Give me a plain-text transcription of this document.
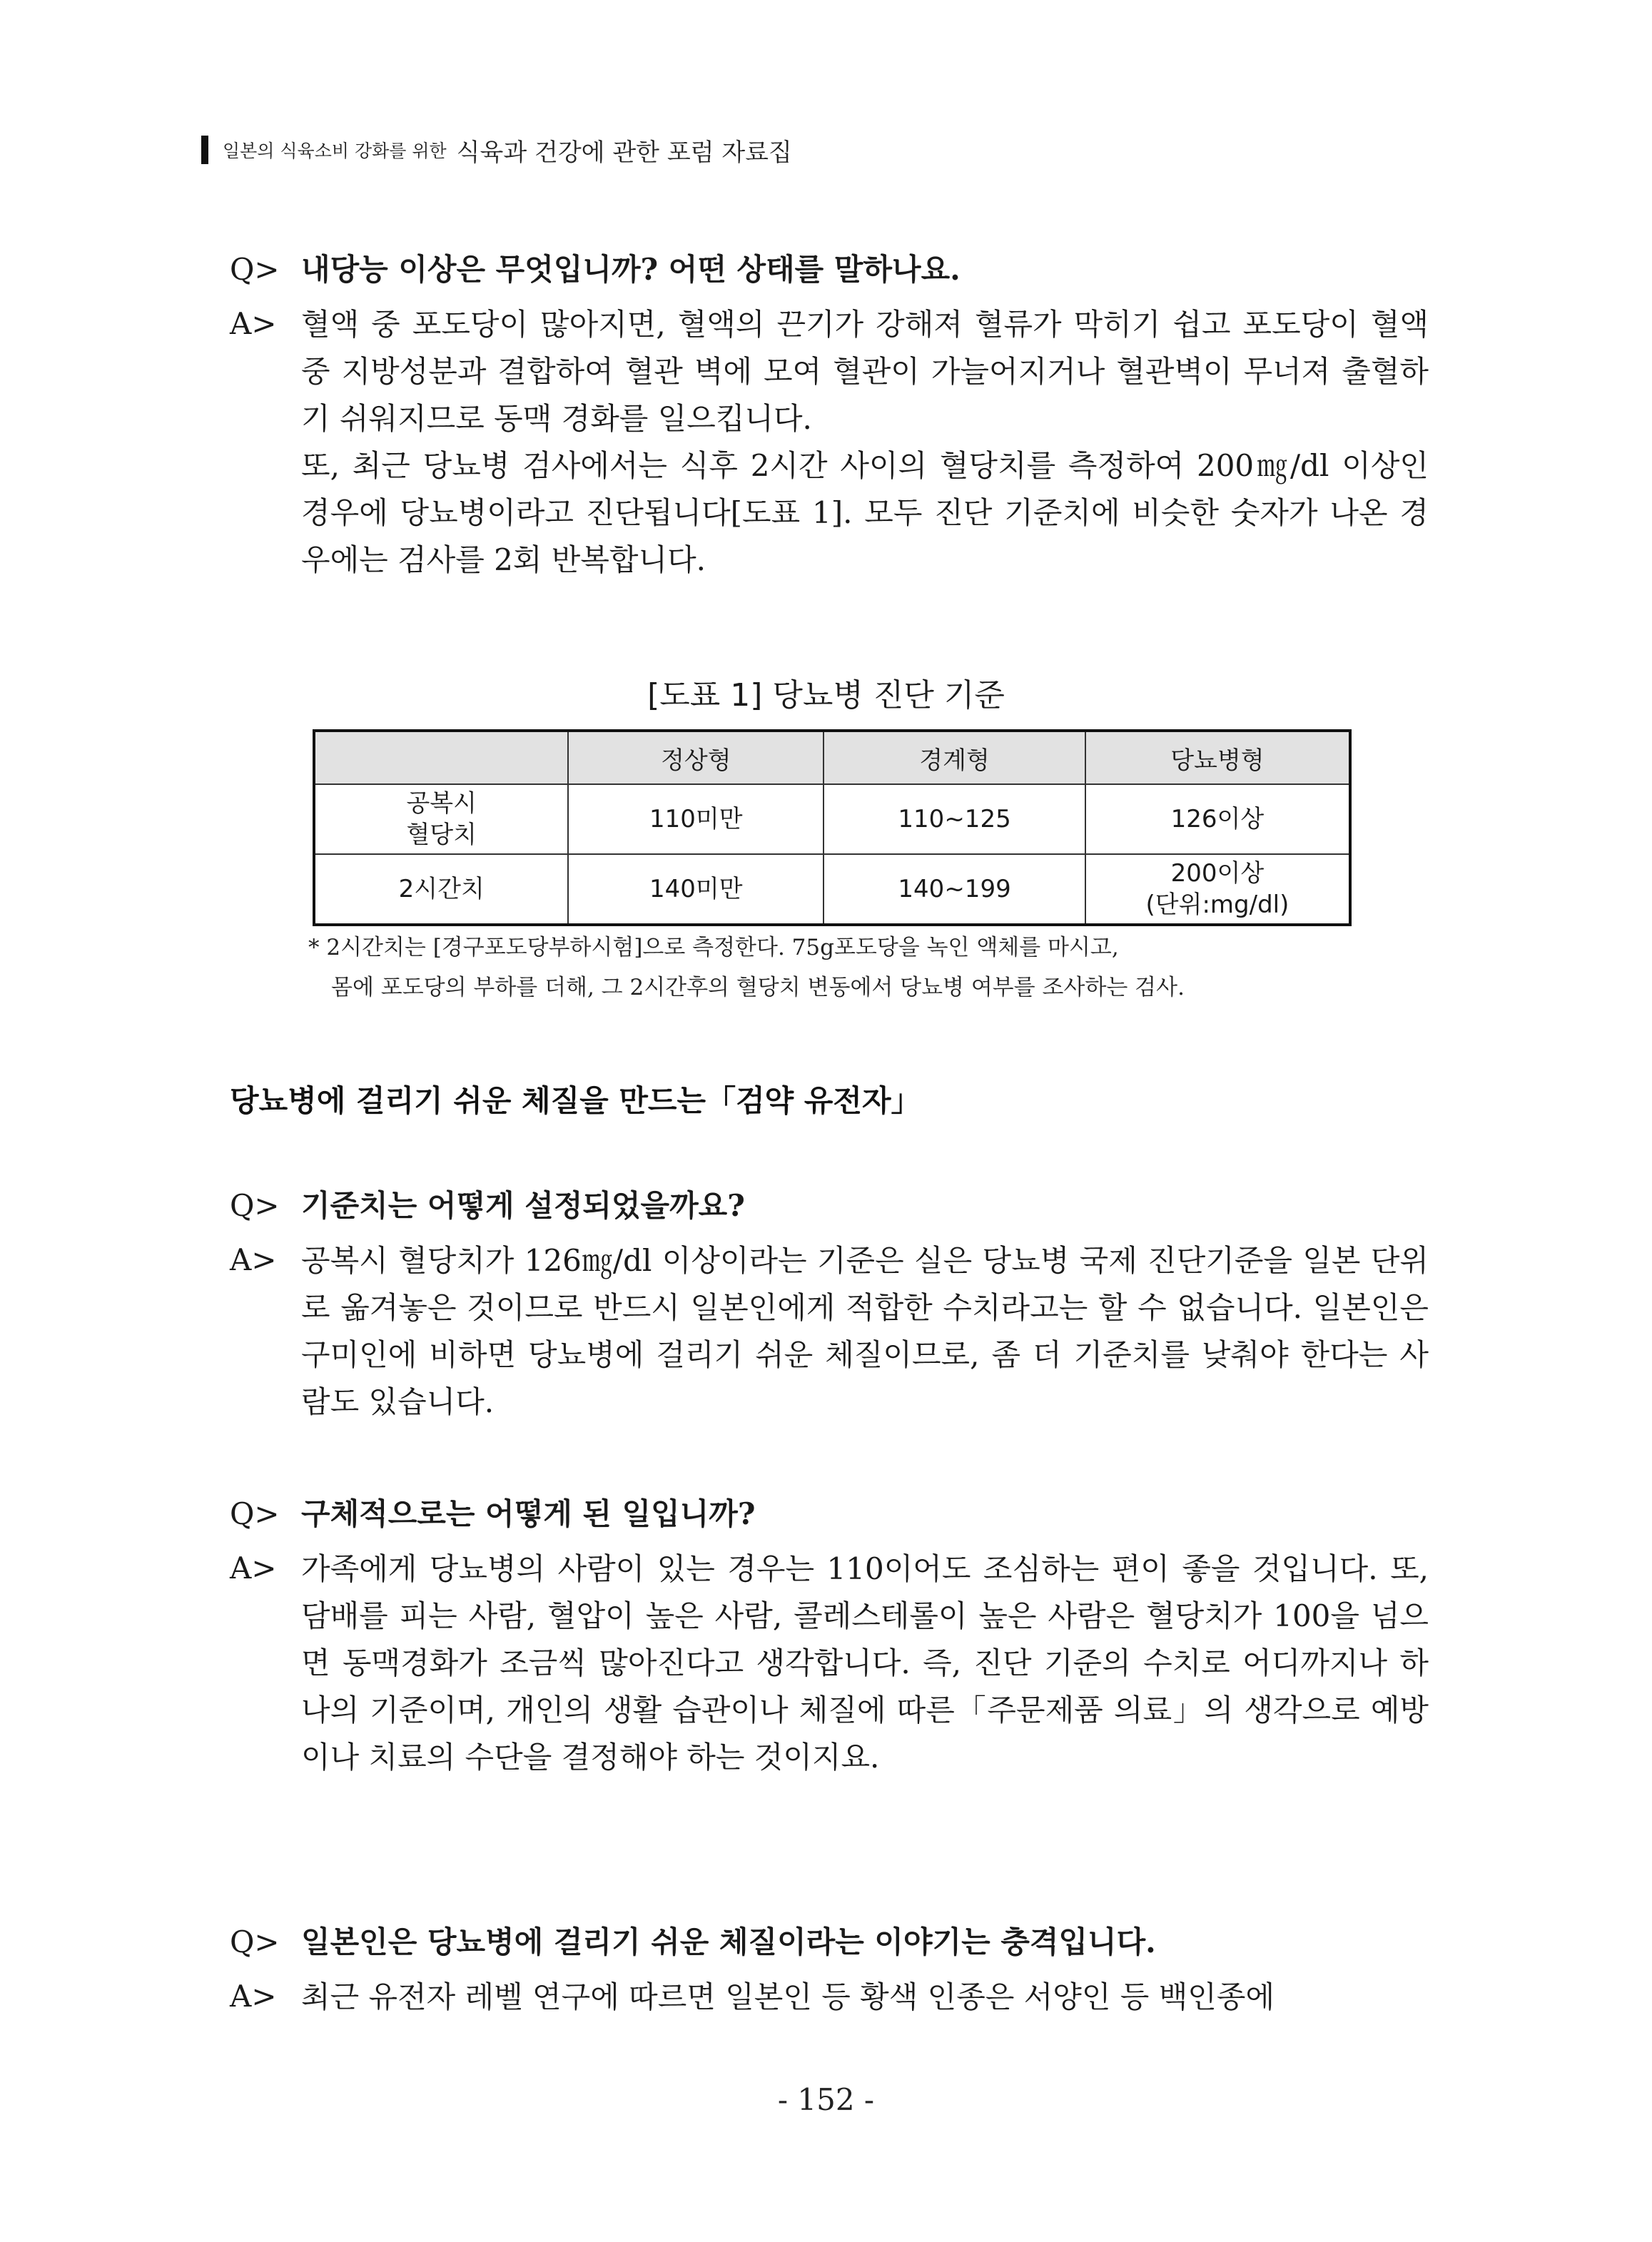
일본의 식육소비 강화를 위한 식육과 건강에 관한 포럼 자료집
Q> 내당능 이상은 무엇입니까? 어떤 상태를 말하나요.
A> 혈액 중 포도당이 많아지면, 혈액의 끈기가 강해져 혈류가 막히기 쉽고 포도당이 혈액중 지방성분과 결합하여 혈관 벽에 모여 혈관이 가늘어지거나 혈관벽이 무너져 출혈하기 쉬워지므로 동맥 경화를 일으킵니다.

또, 최근 당뇨병 검사에서는 식후 2시간 사이의 혈당치를 측정하여 200㎎/dl 이상인 경우에 당뇨병이라고 진단됩니다[도표 1]. 모두 진단 기준치에 비슷한 숫자가 나온 경우에는 검사를 2회 반복합니다.

[도표 1] 당뇨병 진단 기준
	정상형	경계형	당뇨병형

공복시
혈당치	110미만	110~125	126이상
2시간치	140미만	140~199	200이상
(단위:mg/dl)
* 2시간치는 [경구포도당부하시험]으로 측정한다. 75g포도당을 녹인 액체를 마시고,
몸에 포도당의 부하를 더해, 그 2시간후의 혈당치 변동에서 당뇨병 여부를 조사하는 검사.
당뇨병에 걸리기 쉬운 체질을 만드는「검약 유전자」
Q> 기준치는 어떻게 설정되었을까요?
A> 공복시 혈당치가 126㎎/dl 이상이라는 기준은 실은 당뇨병 국제 진단기준을 일본 단위로 옮겨놓은 것이므로 반드시 일본인에게 적합한 수치라고는 할 수 없습니다. 일본인은 구미인에 비하면 당뇨병에 걸리기 쉬운 체질이므로, 좀 더 기준치를 낮춰야 한다는 사람도 있습니다.
Q> 구체적으로는 어떻게 된 일입니까?
A> 가족에게 당뇨병의 사람이 있는 경우는 110이어도 조심하는 편이 좋을 것입니다. 또, 담배를 피는 사람, 혈압이 높은 사람, 콜레스테롤이 높은 사람은 혈당치가 100을 넘으면 동맥경화가 조금씩 많아진다고 생각합니다. 즉, 진단 기준의 수치로 어디까지나 하나의 기준이며, 개인의 생활 습관이나 체질에 따른「주문제품 의료」의 생각으로 예방이나 치료의 수단을 결정해야 하는 것이지요.
Q> 일본인은 당뇨병에 걸리기 쉬운 체질이라는 이야기는 충격입니다.
A> 최근 유전자 레벨 연구에 따르면 일본인 등 황색 인종은 서양인 등 백인종에
- 152 -
